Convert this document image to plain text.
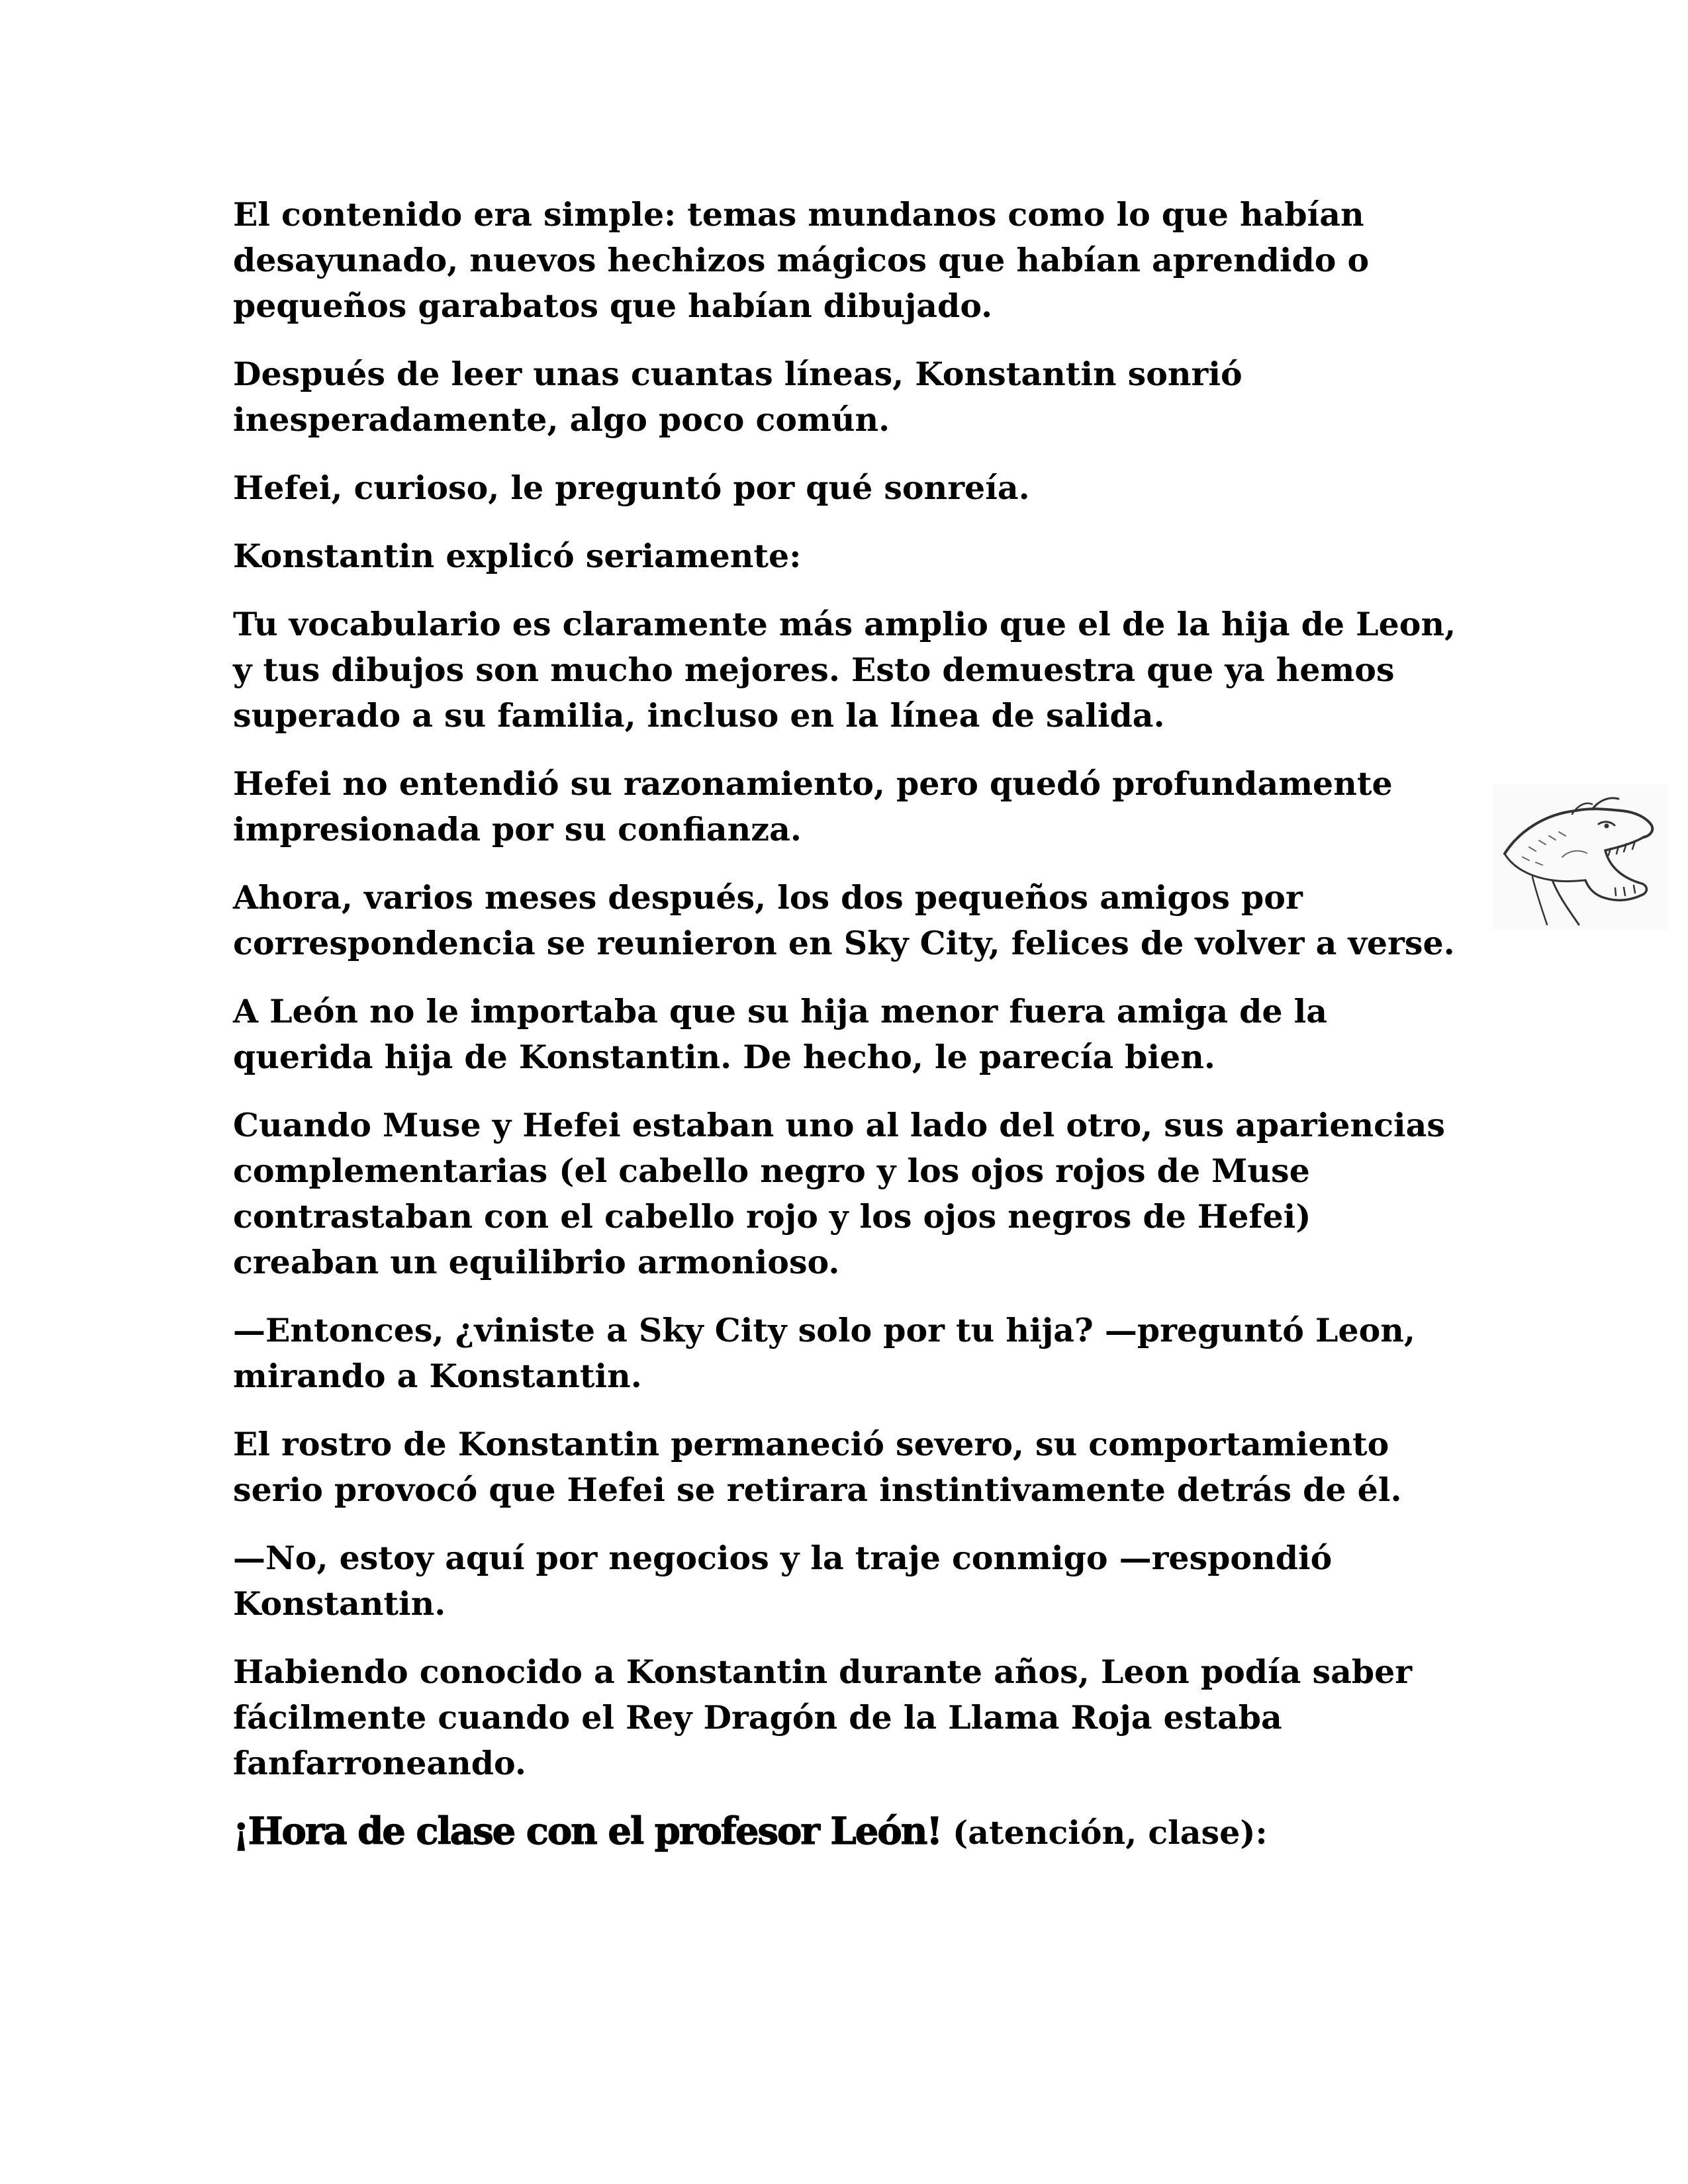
El contenido era simple: temas mundanos como lo que habían desayunado, nuevos hechizos mágicos que habían aprendido o pequeños garabatos que habían dibujado.

Después de leer unas cuantas líneas, Konstantin sonrió inesperadamente, algo poco común.

Hefei, curioso, le preguntó por qué sonreía.

Konstantin explicó seriamente:

Tu vocabulario es claramente más amplio que el de la hija de Leon, y tus dibujos son mucho mejores. Esto demuestra que ya hemos superado a su familia, incluso en la línea de salida.

Hefei no entendió su razonamiento, pero quedó profundamente impresionada por su confianza.

Ahora, varios meses después, los dos pequeños amigos por correspondencia se reunieron en Sky City, felices de volver a verse.

A León no le importaba que su hija menor fuera amiga de la querida hija de Konstantin. De hecho, le parecía bien.

Cuando Muse y Hefei estaban uno al lado del otro, sus apariencias complementarias (el cabello negro y los ojos rojos de Muse contrastaban con el cabello rojo y los ojos negros de Hefei) creaban un equilibrio armonioso.

—Entonces, ¿viniste a Sky City solo por tu hija? —preguntó Leon, mirando a Konstantin.

El rostro de Konstantin permaneció severo, su comportamiento serio provocó que Hefei se retirara instintivamente detrás de él.

—No, estoy aquí por negocios y la traje conmigo —respondió Konstantin.

Habiendo conocido a Konstantin durante años, Leon podía saber fácilmente cuando el Rey Dragón de la Llama Roja estaba fanfarroneando.

¡Hora de clase con el profesor León! (atención, clase):
